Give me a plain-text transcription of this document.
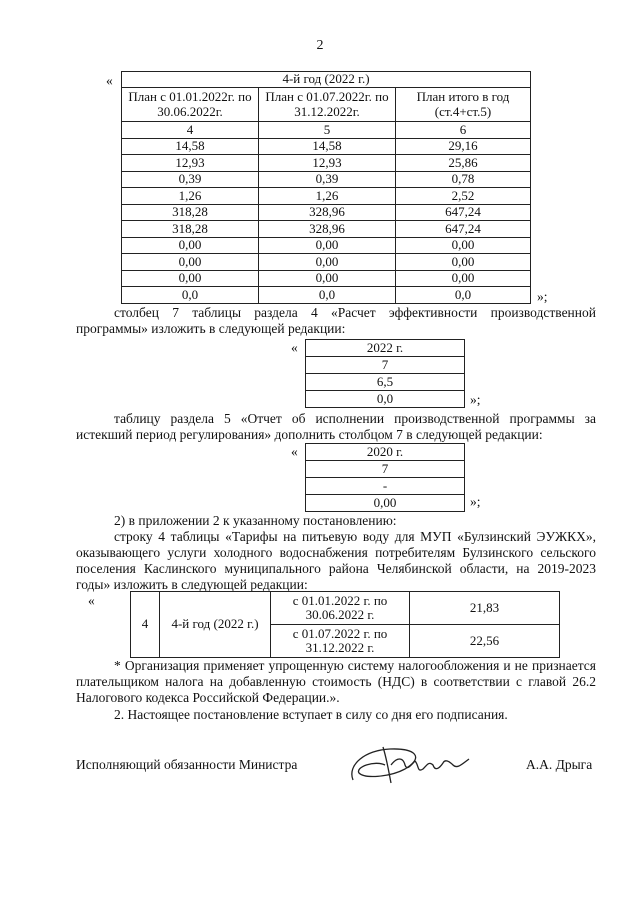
2
«	4-й год (2022 г.)		
План с 01.01.2022г. по 30.06.2022г.	План с 01.07.2022г. по 31.12.2022г.	План итого в год (ст.4+ст.5)
4	5	6
14,58	14,58	29,16
12,93	12,93	25,86
0,39	0,39	0,78
1,26	1,26	2,52
318,28	328,96	647,24
318,28	328,96	647,24
0,00	0,00	0,00
0,00	0,00	0,00
0,00	0,00	0,00
0,0	0,0	0,0	»;
столбец 7 таблицы раздела 4 «Расчет эффективности производственной программы» изложить в следующей редакции:
«	2022 г.
7
6,5
0,0	»;
таблицу раздела 5 «Отчет об исполнении производственной программы за истекший период регулирования» дополнить столбцом 7 в следующей редакции:
«	2020 г.
7
-
0,00	»;
2) в приложении 2 к указанному постановлению:
строку 4 таблицы «Тарифы на питьевую воду для МУП «Булзинский ЭУЖКХ», оказывающего услуги холодного водоснабжения потребителям Булзинского сельского поселения Каслинского муниципального района Челябинской области, на 2019-2023 годы» изложить в следующей редакции:
«
4	4-й год (2022 г.)	с 01.01.2022 г. по 30.06.2022 г.	21,83
		с 01.07.2022 г. по 31.12.2022 г.	22,56
* Организация применяет упрощенную систему налогообложения и не признается плательщиком налога на добавленную стоимость (НДС) в соответствии с главой 26.2 Налогового кодекса Российской Федерации.».
2. Настоящее постановление вступает в силу со дня его подписания.
Исполняющий обязанности Министра	А.А. Дрыга
